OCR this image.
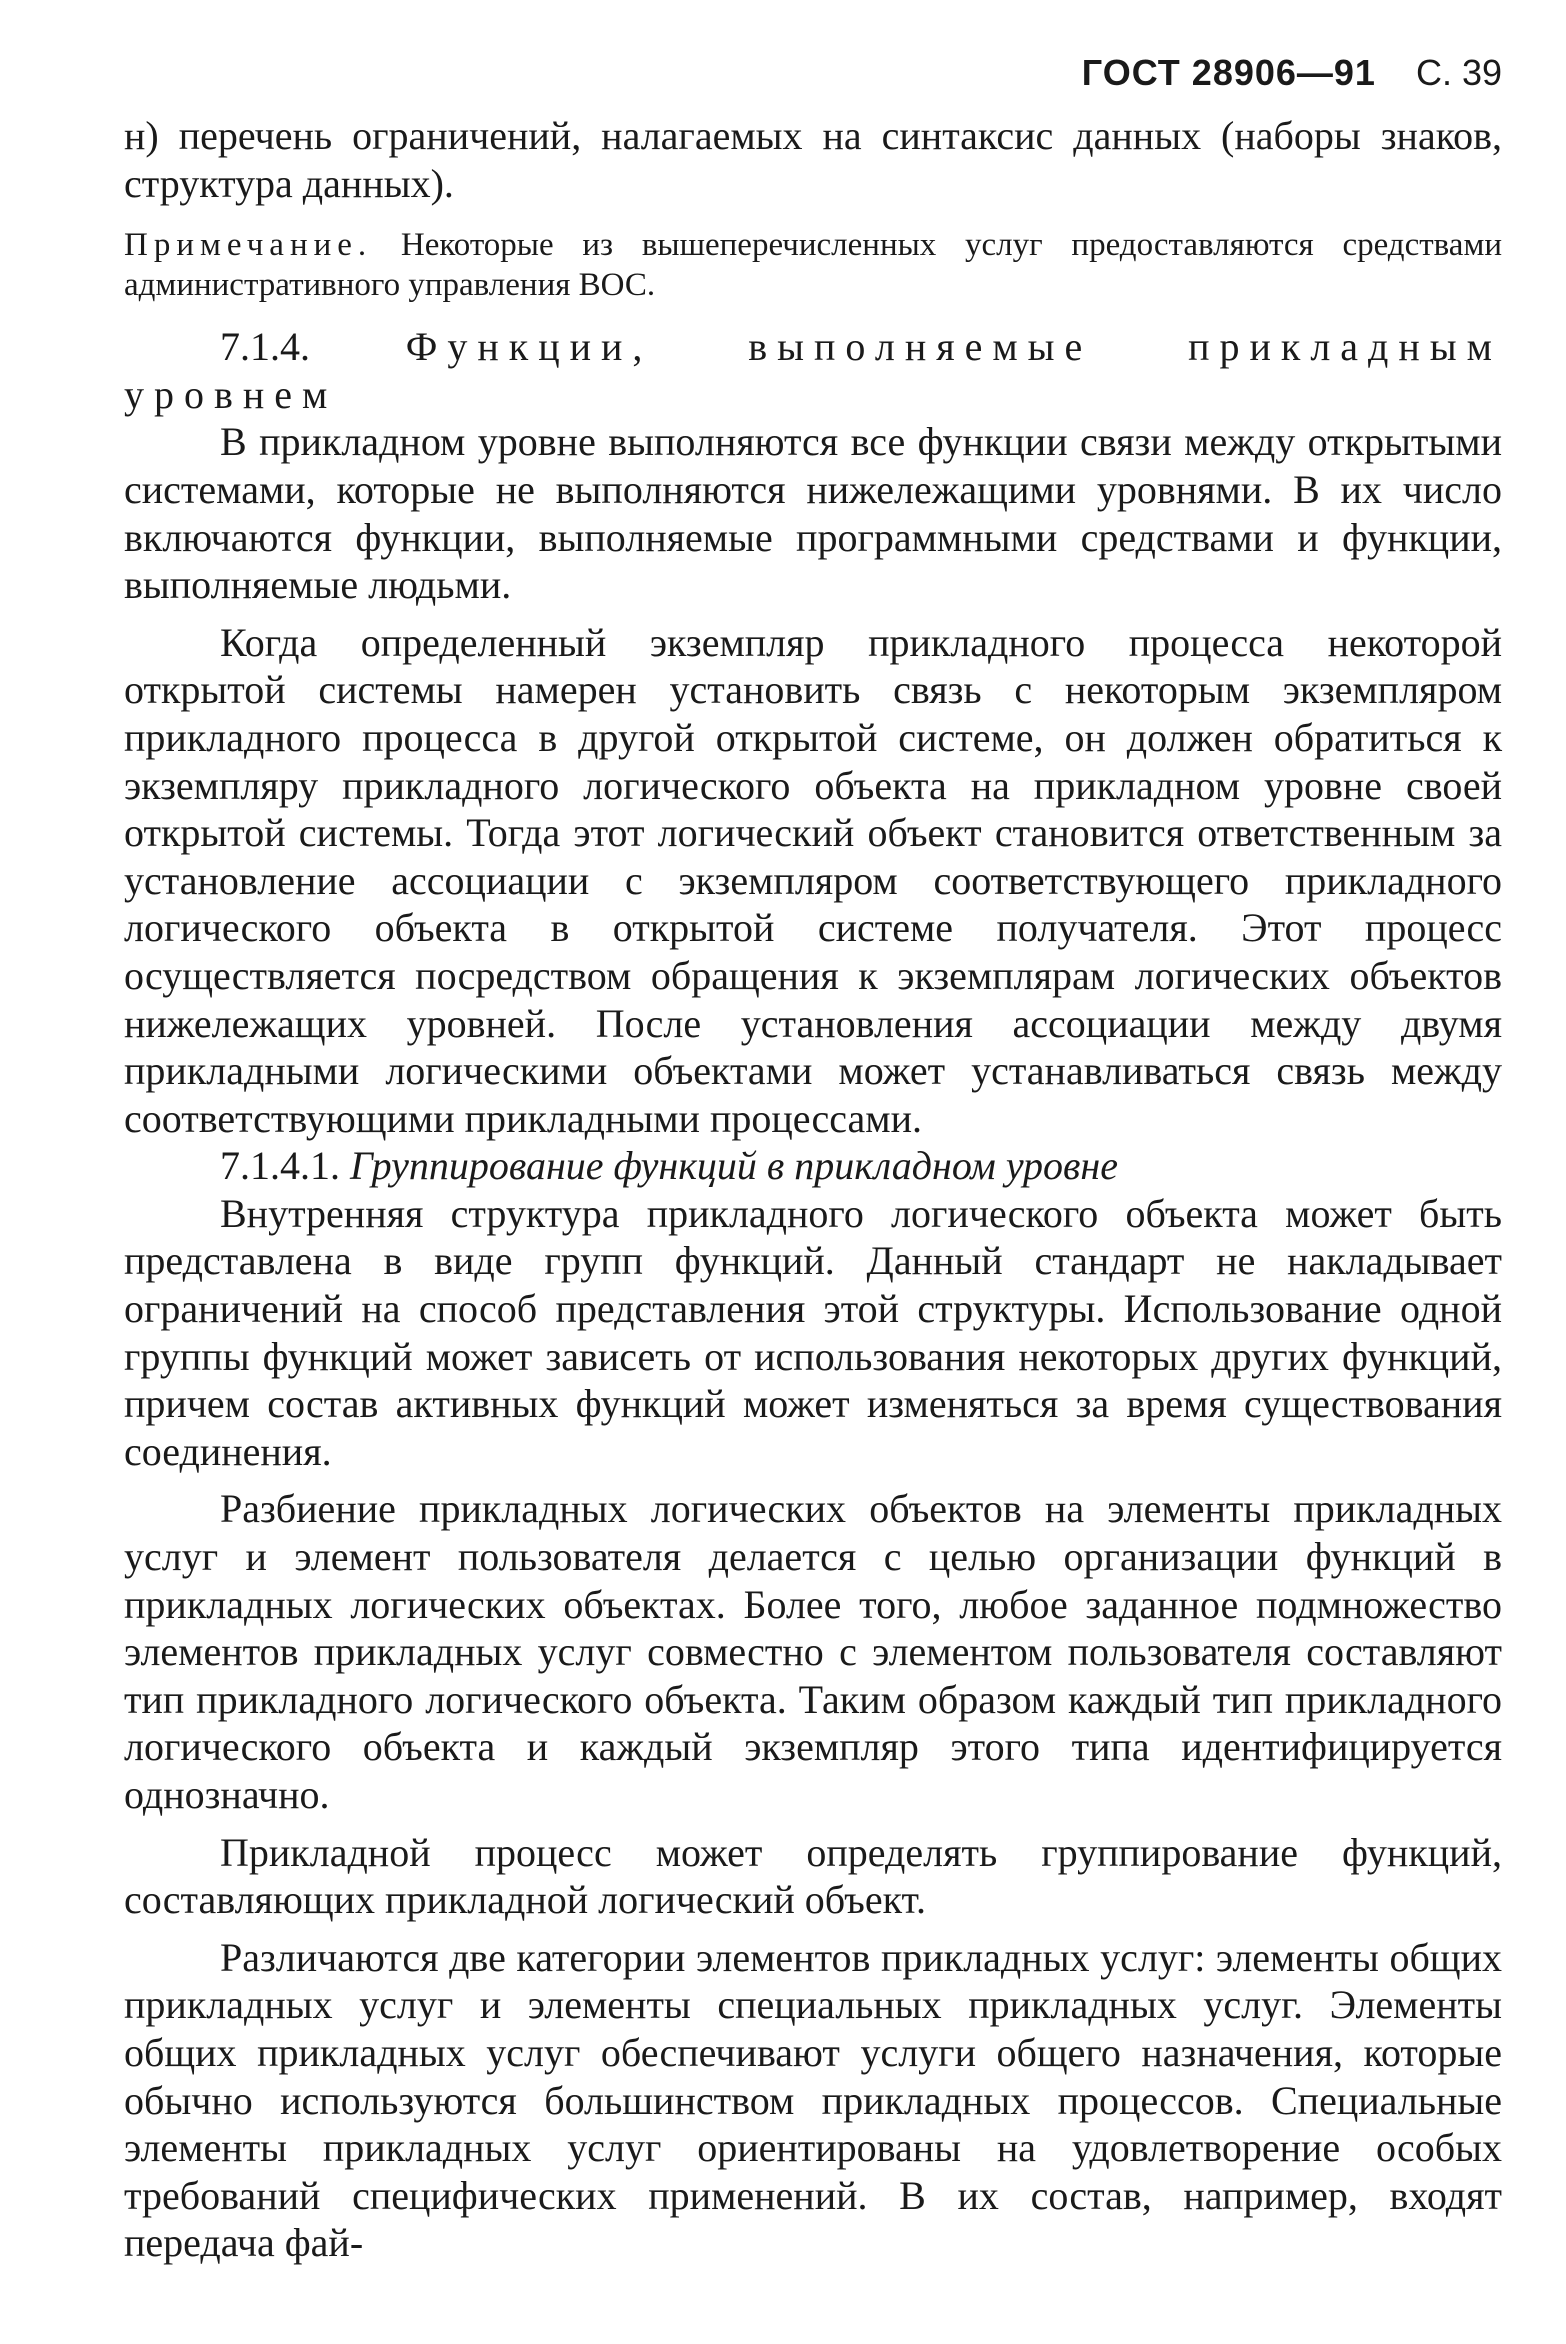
ГОСТ 28906—91 С. 39

н) перечень ограничений, налагаемых на синтаксис данных (наборы знаков, структура данных).

Примечание. Некоторые из вышеперечисленных услуг предоставляются средствами административного управления ВОС.

7.1.4. Функции, выполняемые прикладным уровнем

В прикладном уровне выполняются все функции связи между открытыми системами, которые не выполняются нижележащими уровнями. В их число включаются функции, выполняемые программными средствами и функции, выполняемые людьми.

Когда определенный экземпляр прикладного процесса некоторой открытой системы намерен установить связь с некоторым экземпляром прикладного процесса в другой открытой системе, он должен обратиться к экземпляру прикладного логического объекта на прикладном уровне своей открытой системы. Тогда этот логический объект становится ответственным за установление ассоциации с экземпляром соответствующего прикладного логического объекта в открытой системе получателя. Этот процесс осуществляется посредством обращения к экземплярам логических объектов нижележащих уровней. После установления ассоциации между двумя прикладными логическими объектами может устанавливаться связь между соответствующими прикладными процессами.

7.1.4.1. Группирование функций в прикладном уровне

Внутренняя структура прикладного логического объекта может быть представлена в виде групп функций. Данный стандарт не накладывает ограничений на способ представления этой структуры. Использование одной группы функций может зависеть от использования некоторых других функций, причем состав активных функций может изменяться за время существования соединения.

Разбиение прикладных логических объектов на элементы прикладных услуг и элемент пользователя делается с целью организации функций в прикладных логических объектах. Более того, любое заданное подмножество элементов прикладных услуг совместно с элементом пользователя составляют тип прикладного логического объекта. Таким образом каждый тип прикладного логического объекта и каждый экземпляр этого типа идентифицируется однозначно.

Прикладной процесс может определять группирование функций, составляющих прикладной логический объект.

Различаются две категории элементов прикладных услуг: элементы общих прикладных услуг и элементы специальных прикладных услуг. Элементы общих прикладных услуг обеспечивают услуги общего назначения, которые обычно используются большинством прикладных процессов. Специальные элементы прикладных услуг ориентированы на удовлетворение особых требований специфических применений. В их состав, например, входят передача фай-
